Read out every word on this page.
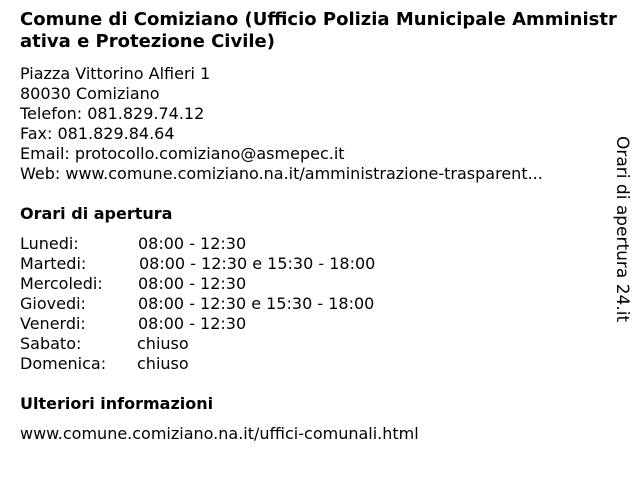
Comune di Comiziano (Ufficio Polizia Municipale Amministrativa e Protezione Civile)
Piazza Vittorino Alfieri 1
80030 Comiziano
Telefon: 081.829.74.12
Fax: 081.829.84.64
Email: protocollo.comiziano@asmepec.it
Web: www.comune.comiziano.na.it/amministrazione-trasparent...
Orari di apertura
Lunedi:	08:00 - 12:30
Martedi:	08:00 - 12:30 e 15:30 - 18:00
Mercoledi: 08:00 - 12:30
Giovedi:	08:00 - 12:30 e 15:30 - 18:00
Venerdi:	08:00 - 12:30
Sabato:	chiuso
Domenica: chiuso
Ulteriori informazioni
www.comune.comiziano.na.it/uffici-comunali.html
Orari di apertura 24.it
